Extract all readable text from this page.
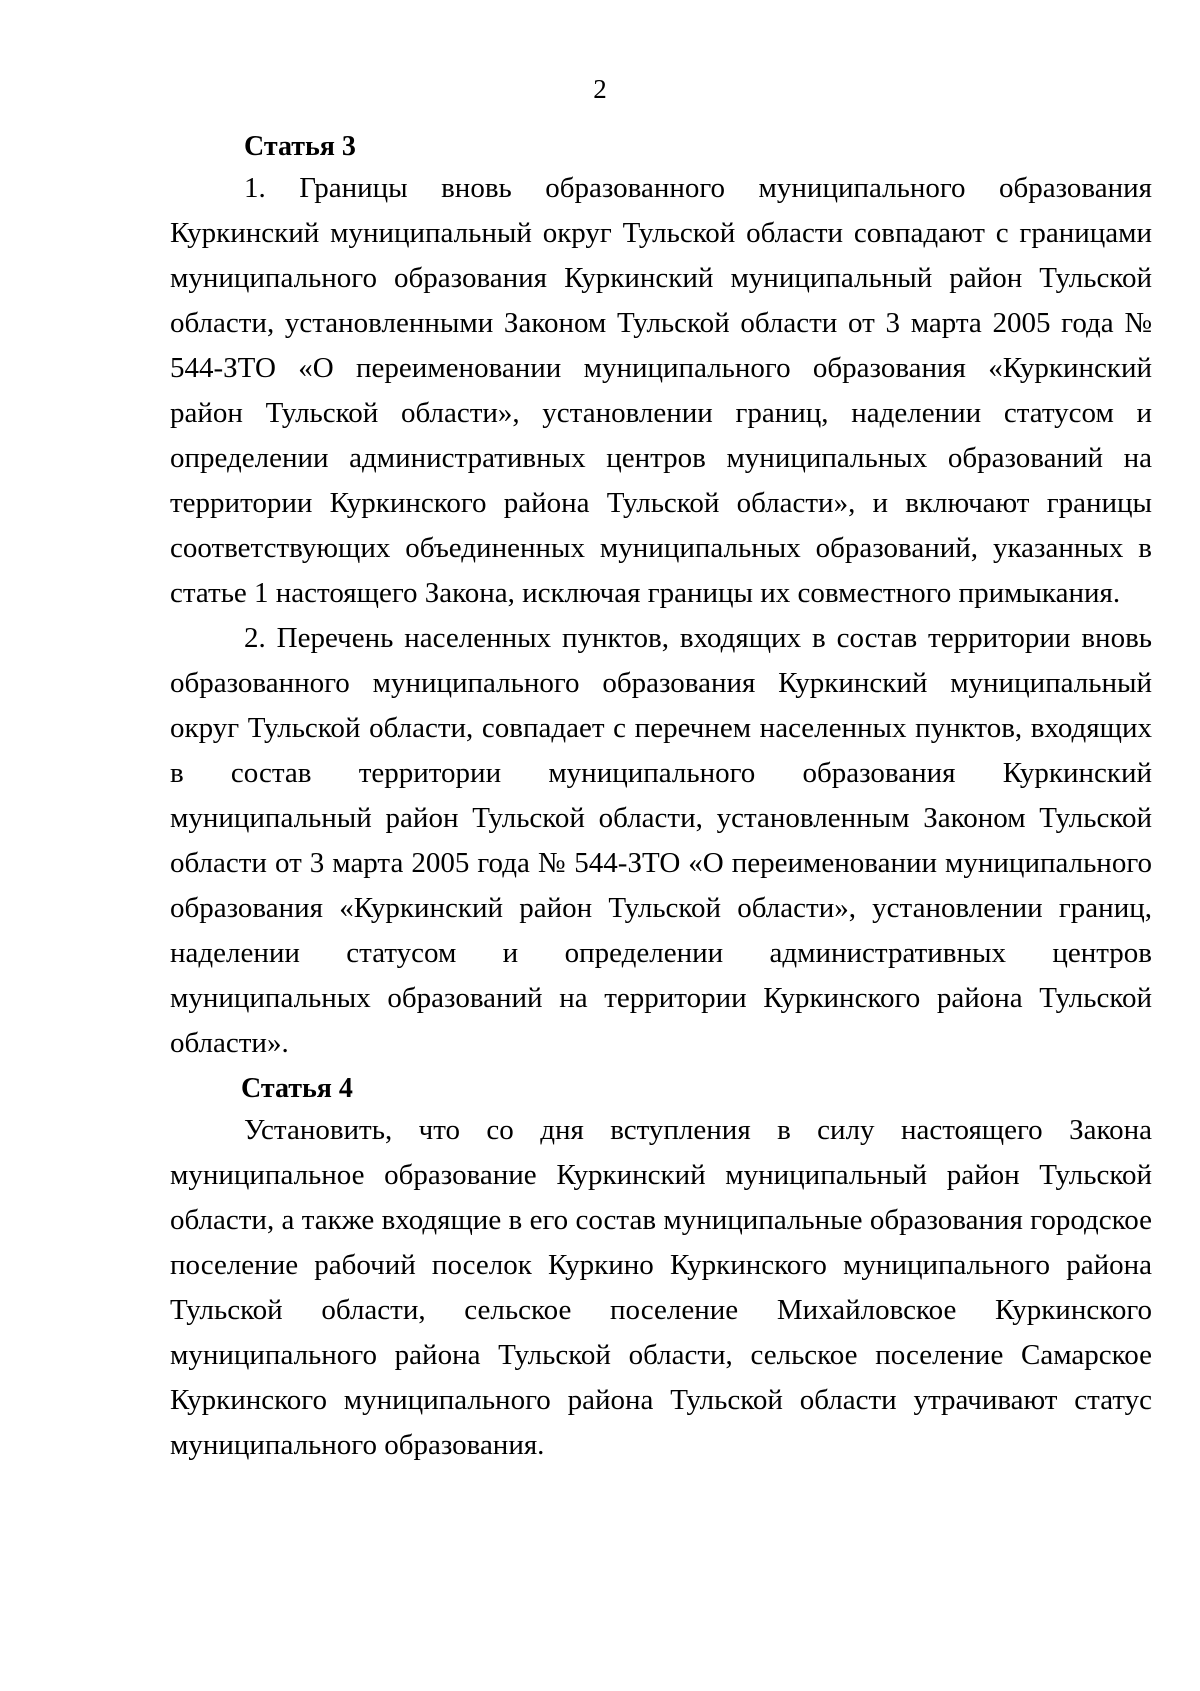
2
Статья 3

1. Границы вновь образованного муниципального образования Куркинский муниципальный округ Тульской области совпадают с границами муниципального образования Куркинский муниципальный район Тульской области, установленными Законом Тульской области от 3 марта 2005 года № 544-ЗТО «О переименовании муниципального образования «Куркинский район Тульской области», установлении границ, наделении статусом и определении административных центров муниципальных образований на территории Куркинского района Тульской области», и включают границы соответствующих объединенных муниципальных образований, указанных в статье 1 настоящего Закона, исключая границы их совместного примыкания.

2. Перечень населенных пунктов, входящих в состав территории вновь образованного муниципального образования Куркинский муниципальный округ Тульской области, совпадает с перечнем населенных пунктов, входящих в состав территории муниципального образования Куркинский муниципальный район Тульской области, установленным Законом Тульской области от 3 марта 2005 года № 544-ЗТО «О переименовании муниципального образования «Куркинский район Тульской области», установлении границ, наделении статусом и определении административных центров муниципальных образований на территории Куркинского района Тульской области».

Статья 4

Установить, что со дня вступления в силу настоящего Закона муниципальное образование Куркинский муниципальный район Тульской области, а также входящие в его состав муниципальные образования городское поселение рабочий поселок Куркино Куркинского муниципального района Тульской области, сельское поселение Михайловское Куркинского муниципального района Тульской области, сельское поселение Самарское Куркинского муниципального района Тульской области утрачивают статус муниципального образования.
